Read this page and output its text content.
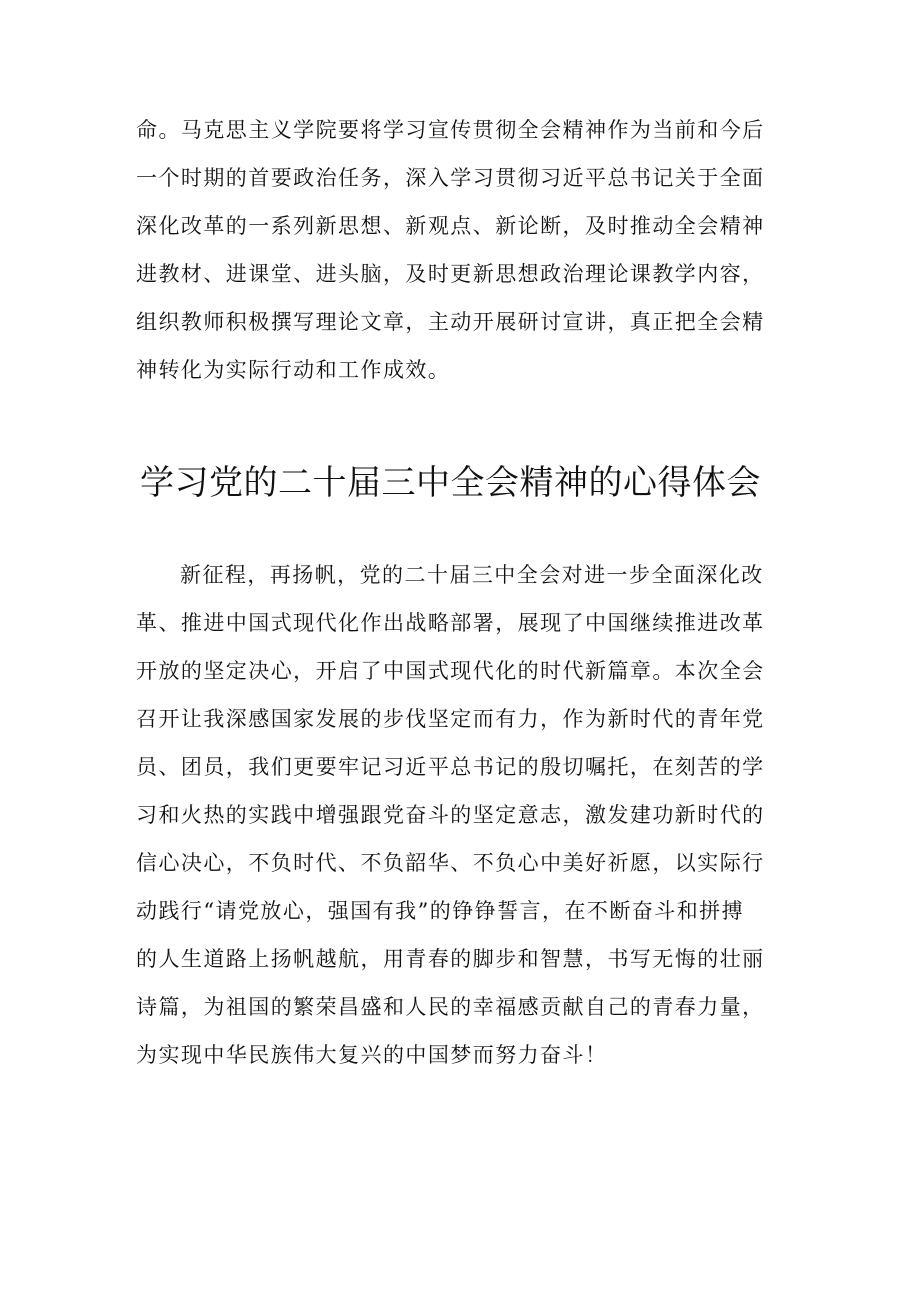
命。马克思主义学院要将学习宣传贯彻全会精神作为当前和今后
一个时期的首要政治任务，深入学习贯彻习近平总书记关于全面
深化改革的一系列新思想、新观点、新论断，及时推动全会精神
进教材、进课堂、进头脑，及时更新思想政治理论课教学内容，
组织教师积极撰写理论文章，主动开展研讨宣讲，真正把全会精
神转化为实际行动和工作成效。
学习党的二十届三中全会精神的心得体会
新征程，再扬帆，党的二十届三中全会对进一步全面深化改
革、推进中国式现代化作出战略部署，展现了中国继续推进改革
开放的坚定决心，开启了中国式现代化的时代新篇章。本次全会
召开让我深感国家发展的步伐坚定而有力，作为新时代的青年党
员、团员，我们更要牢记习近平总书记的殷切嘱托，在刻苦的学
习和火热的实践中增强跟党奋斗的坚定意志，激发建功新时代的
信心决心，不负时代、不负韶华、不负心中美好祈愿，以实际行
动践行“请党放心，强国有我”的铮铮誓言，在不断奋斗和拼搏
的人生道路上扬帆越航，用青春的脚步和智慧，书写无悔的壮丽
诗篇，为祖国的繁荣昌盛和人民的幸福感贡献自己的青春力量，
为实现中华民族伟大复兴的中国梦而努力奋斗！
